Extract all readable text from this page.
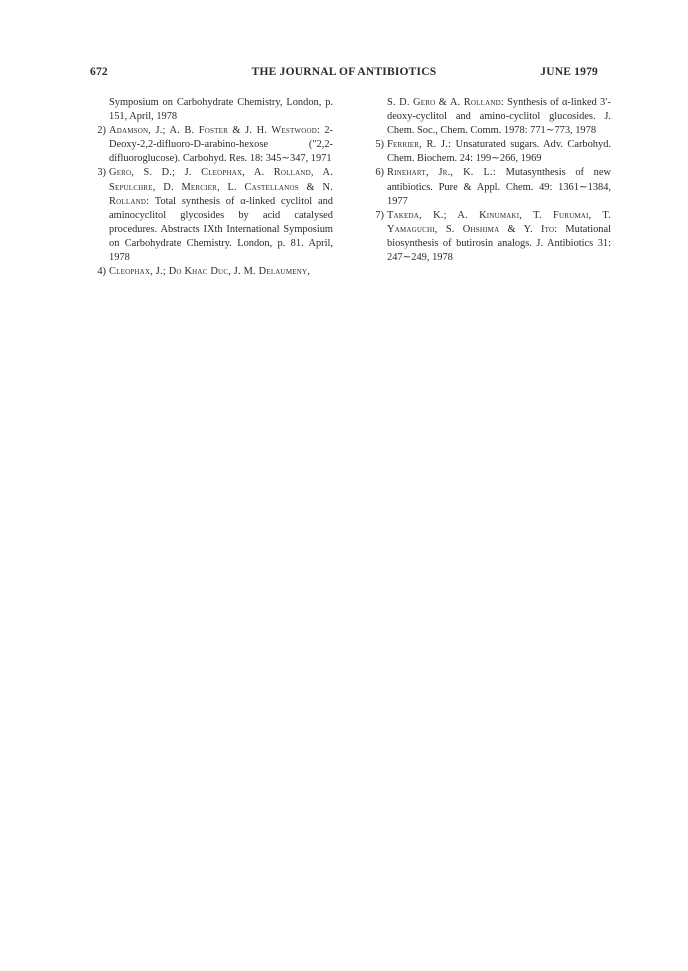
672	THE JOURNAL OF ANTIBIOTICS	JUNE 1979
Symposium on Carbohydrate Chemistry, London, p. 151, April, 1978
2) Adamson, J.; A. B. Foster & J. H. Westwood: 2-Deoxy-2,2-difluoro-D-arabino-hexose ("2,2-difluoroglucose). Carbohyd. Res. 18: 345∼347, 1971
3) Gero, S. D.; J. Cleophax, A. Rolland, A. Sepulchre, D. Mercier, L. Castellanos & N. Rolland: Total synthesis of α-linked cyclitol and aminocyclitol glycosides by acid catalysed procedures. Abstracts IXth International Symposium on Carbohydrate Chemistry. London, p. 81. April, 1978
4) Cleophax, J.; Do Khac Duc, J. M. Delaumeny,
S. D. Gero & A. Rolland: Synthesis of α-linked 3′-deoxy-cyclitol and amino-cyclitol glucosides. J. Chem. Soc., Chem. Comm. 1978: 771∼773, 1978
5) Ferrier, R. J.: Unsaturated sugars. Adv. Carbohyd. Chem. Biochem. 24: 199∼266, 1969
6) Rinehart, Jr., K. L.: Mutasynthesis of new antibiotics. Pure & Appl. Chem. 49: 1361∼1384, 1977
7) Takeda, K.; A. Kinumaki, T. Furumai, T. Yamaguchi, S. Ohshima & Y. Ito: Mutational biosynthesis of butirosin analogs. J. Antibiotics 31: 247∼249, 1978
